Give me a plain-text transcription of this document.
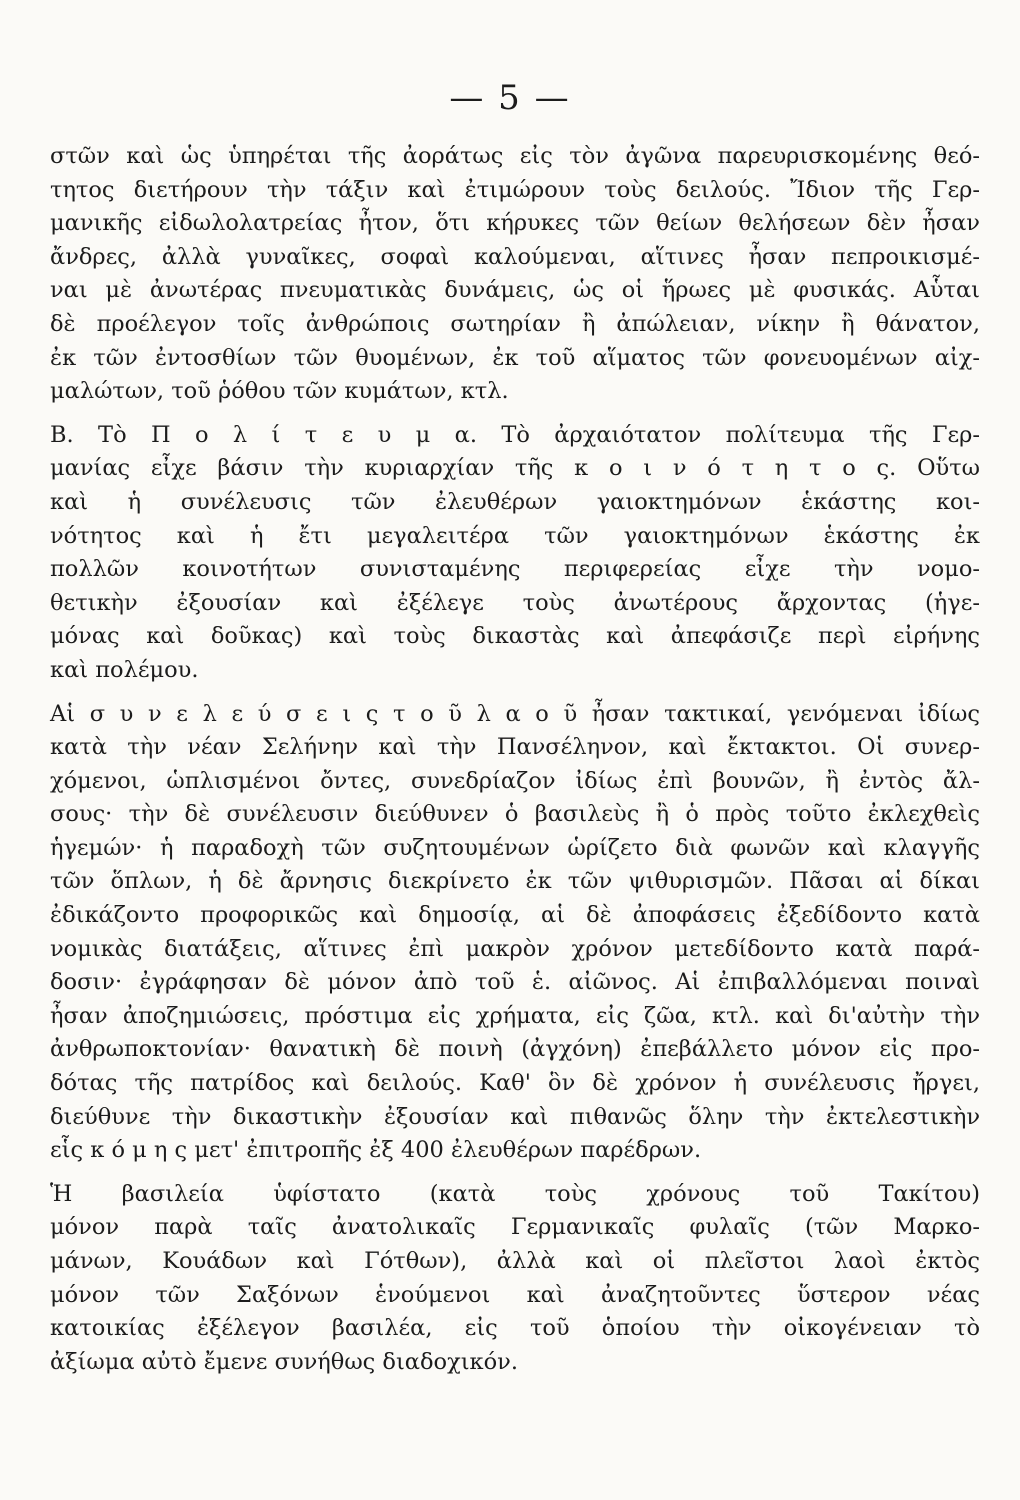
— 5 —

στῶν καὶ ὡς ὑπηρέται τῆς ἀοράτως εἰς τὸν ἀγῶνα παρευρισκομένης θεό-
τητος διετήρουν τὴν τάξιν καὶ ἐτιμώρουν τοὺς δειλούς. Ἴδιον τῆς Γερ-
μανικῆς εἰδωλολατρείας ἦτον, ὅτι κήρυκες τῶν θείων θελήσεων δὲν ἦσαν
ἄνδρες, ἀλλὰ γυναῖκες, σοφαὶ καλούμεναι, αἵτινες ἦσαν πεπροικισμέ-
ναι μὲ ἀνωτέρας πνευματικὰς δυνάμεις, ὡς οἱ ἥρωες μὲ φυσικάς. Αὗται
δὲ προέλεγον τοῖς ἀνθρώποις σωτηρίαν ἢ ἀπώλειαν, νίκην ἢ θάνατον,
ἐκ τῶν ἐντοσθίων τῶν θυομένων, ἐκ τοῦ αἵματος τῶν φονευομένων αἰχ-
μαλώτων, τοῦ ῥόθου τῶν κυμάτων, κτλ.

Β. Τὸ Π ο λ ί τ ε υ μ α. Τὸ ἀρχαιότατον πολίτευμα τῆς Γερ-
μανίας εἶχε βάσιν τὴν κυριαρχίαν τῆς κ ο ι ν ό τ η τ ο ς. Οὕτω
καὶ ἡ συνέλευσις τῶν ἐλευθέρων γαιοκτημόνων ἑκάστης κοι-
νότητος καὶ ἡ ἔτι μεγαλειτέρα τῶν γαιοκτημόνων ἑκάστης ἐκ
πολλῶν κοινοτήτων συνισταμένης περιφερείας εἶχε τὴν νομο-
θετικὴν ἐξουσίαν καὶ ἐξέλεγε τοὺς ἀνωτέρους ἄρχοντας (ἡγε-
μόνας καὶ δοῦκας) καὶ τοὺς δικαστὰς καὶ ἀπεφάσιζε περὶ εἰρήνης
καὶ πολέμου.

Αἱ σ υ ν ε λ ε ύ σ ε ι ς τ ο ῦ λ α ο ῦ ἦσαν τακτικαί, γενόμεναι ἰδίως
κατὰ τὴν νέαν Σελήνην καὶ τὴν Πανσέληνον, καὶ ἔκτακτοι. Οἱ συνερ-
χόμενοι, ὡπλισμένοι ὄντες, συνεδρίαζον ἰδίως ἐπὶ βουνῶν, ἢ ἐντὸς ἄλ-
σους· τὴν δὲ συνέλευσιν διεύθυνεν ὁ βασιλεὺς ἢ ὁ πρὸς τοῦτο ἐκλεχθεὶς
ἡγεμών· ἡ παραδοχὴ τῶν συζητουμένων ὡρίζετο διὰ φωνῶν καὶ κλαγγῆς
τῶν ὅπλων, ἡ δὲ ἄρνησις διεκρίνετο ἐκ τῶν ψιθυρισμῶν. Πᾶσαι αἱ δίκαι
ἐδικάζοντο προφορικῶς καὶ δημοσίᾳ, αἱ δὲ ἀποφάσεις ἐξεδίδοντο κατὰ
νομικὰς διατάξεις, αἵτινες ἐπὶ μακρὸν χρόνον μετεδίδοντο κατὰ παρά-
δοσιν· ἐγράφησαν δὲ μόνον ἀπὸ τοῦ ἑ. αἰῶνος. Αἱ ἐπιβαλλόμεναι ποιναὶ
ἦσαν ἀποζημιώσεις, πρόστιμα εἰς χρήματα, εἰς ζῶα, κτλ. καὶ δι'αὐτὴν τὴν
ἀνθρωποκτονίαν· θανατικὴ δὲ ποινὴ (ἀγχόνη) ἐπεβάλλετο μόνον εἰς προ-
δότας τῆς πατρίδος καὶ δειλούς. Καθ' ὃν δὲ χρόνον ἡ συνέλευσις ἤργει,
διεύθυνε τὴν δικαστικὴν ἐξουσίαν καὶ πιθανῶς ὅλην τὴν ἐκτελεστικὴν
εἷς κ ό μ η ς μετ' ἐπιτροπῆς ἐξ 400 ἐλευθέρων παρέδρων.

Ἡ βασιλεία ὑφίστατο (κατὰ τοὺς χρόνους τοῦ Τακίτου)
μόνον παρὰ ταῖς ἀνατολικαῖς Γερμανικαῖς φυλαῖς (τῶν Μαρκο-
μάνων, Κουάδων καὶ Γότθων), ἀλλὰ καὶ οἱ πλεῖστοι λαοὶ ἐκτὸς
μόνον τῶν Σαξόνων ἑνούμενοι καὶ ἀναζητοῦντες ὕστερον νέας
κατοικίας ἐξέλεγον βασιλέα, εἰς τοῦ ὁποίου τὴν οἰκογένειαν τὸ
ἀξίωμα αὐτὸ ἔμενε συνήθως διαδοχικόν.
